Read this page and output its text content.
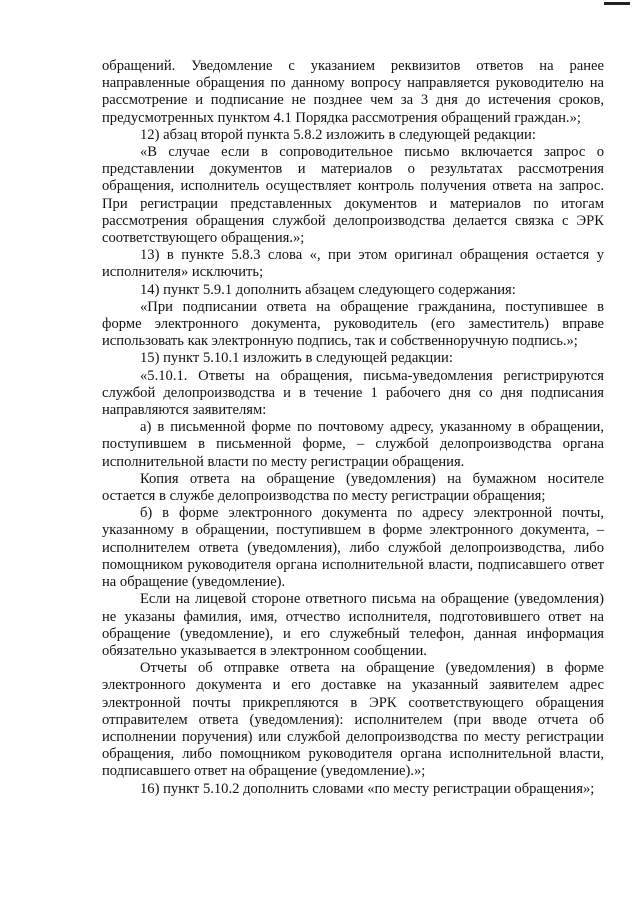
обращений. Уведомление с указанием реквизитов ответов на ранее направленные обращения по данному вопросу направляется руководителю на рассмотрение и подписание не позднее чем за 3 дня до истечения сроков, предусмотренных пунктом 4.1 Порядка рассмотрения обращений граждан.»;

12) абзац второй пункта 5.8.2 изложить в следующей редакции:

«В случае если в сопроводительное письмо включается запрос о представлении документов и материалов о результатах рассмотрения обращения, исполнитель осуществляет контроль получения ответа на запрос. При регистрации представленных документов и материалов по итогам рассмотрения обращения службой делопроизводства делается связка с ЭРК соответствующего обращения.»;

13) в пункте 5.8.3 слова «, при этом оригинал обращения остается у исполнителя» исключить;

14) пункт 5.9.1 дополнить абзацем следующего содержания:

«При подписании ответа на обращение гражданина, поступившее в форме электронного документа, руководитель (его заместитель) вправе использовать как электронную подпись, так и собственноручную подпись.»;

15) пункт 5.10.1 изложить в следующей редакции:

«5.10.1. Ответы на обращения, письма-уведомления регистрируются службой делопроизводства и в течение 1 рабочего дня со дня подписания направляются заявителям:

а) в письменной форме по почтовому адресу, указанному в обращении, поступившем в письменной форме, – службой делопроизводства органа исполнительной власти по месту регистрации обращения.

Копия ответа на обращение (уведомления) на бумажном носителе остается в службе делопроизводства по месту регистрации обращения;

б) в форме электронного документа по адресу электронной почты, указанному в обращении, поступившем в форме электронного документа, – исполнителем ответа (уведомления), либо службой делопроизводства, либо помощником руководителя органа исполнительной власти, подписавшего ответ на обращение (уведомление).

Если на лицевой стороне ответного письма на обращение (уведомления) не указаны фамилия, имя, отчество исполнителя, подготовившего ответ на обращение (уведомление), и его служебный телефон, данная информация обязательно указывается в электронном сообщении.

Отчеты об отправке ответа на обращение (уведомления) в форме электронного документа и его доставке на указанный заявителем адрес электронной почты прикрепляются в ЭРК соответствующего обращения отправителем ответа (уведомления): исполнителем (при вводе отчета об исполнении поручения) или службой делопроизводства по месту регистрации обращения, либо помощником руководителя органа исполнительной власти, подписавшего ответ на обращение (уведомление).»;

16) пункт 5.10.2 дополнить словами «по месту регистрации обращения»;
